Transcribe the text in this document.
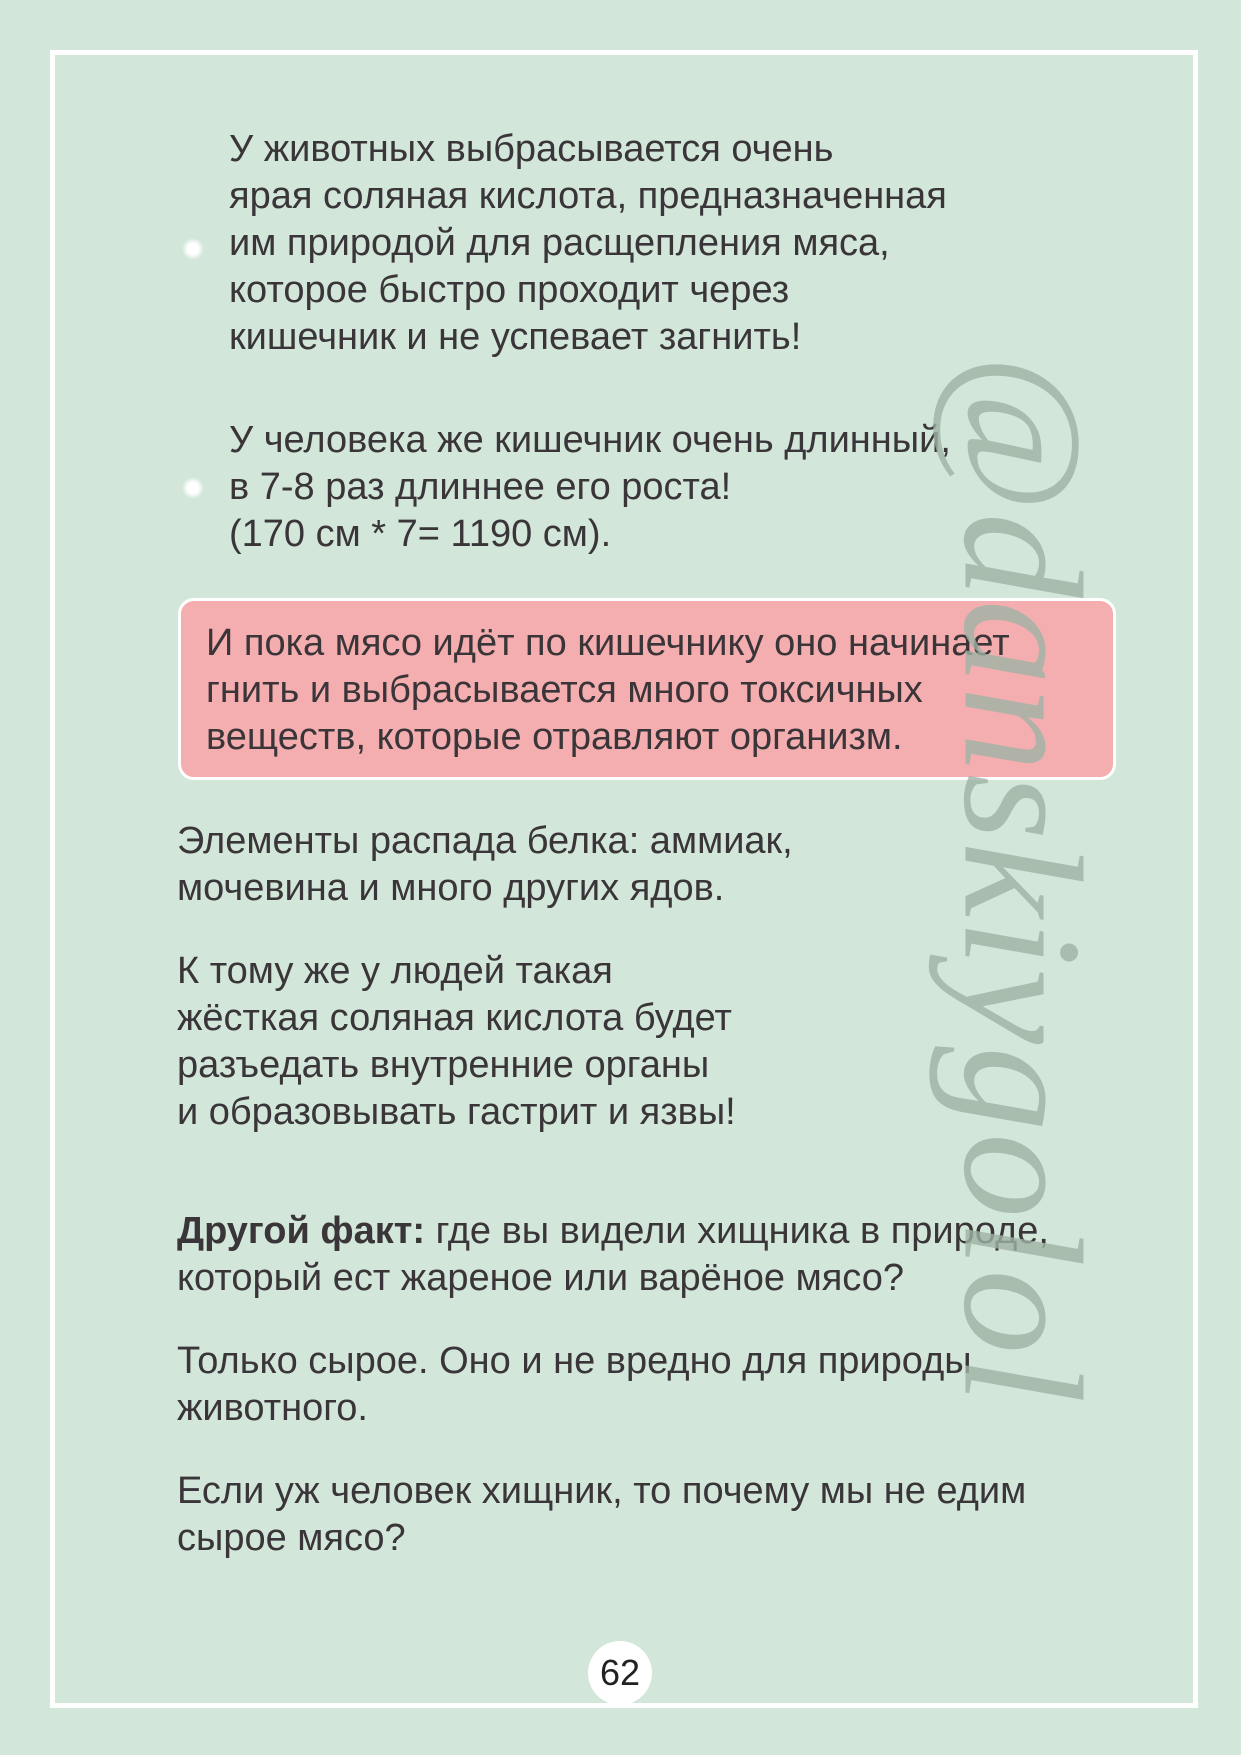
@danskiygolol
У животных выбрасывается очень
ярая соляная кислота, предназначенная
им природой для расщепления мяса,
которое быстро проходит через
кишечник и не успевает загнить!
У человека же кишечник очень длинный,
в 7-8 раз длиннее его роста!
(170 см * 7= 1190 см).
И пока мясо идёт по кишечнику оно начинает
гнить и выбрасывается много токсичных
веществ, которые отравляют организм.
Элементы распада белка: аммиак,
мочевина и много других ядов.
К тому же у людей такая
жёсткая соляная кислота будет
разъедать внутренние органы
и образовывать гастрит и язвы!
Другой факт: где вы видели хищника в природе,
который ест жареное или варёное мясо?
Только сырое. Оно и не вредно для природы
животного.
Если уж человек хищник, то почему мы не едим
сырое мясо?
62
